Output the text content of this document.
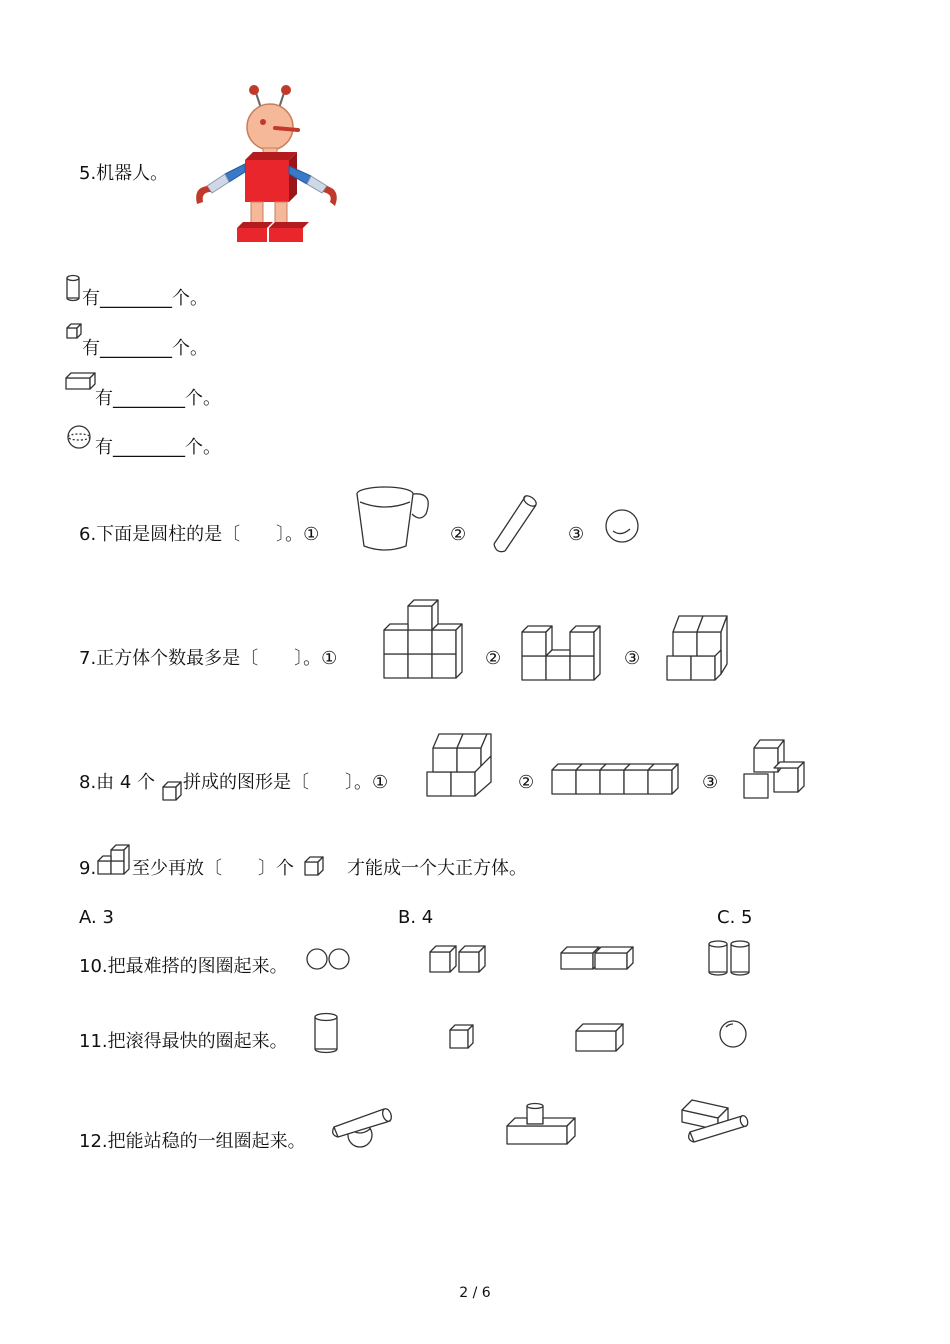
5.机器人。
有________个。
有________个。
有________个。
有________个。
6.下面是圆柱的是〔　　〕。①	②	③
7.正方体个数最多是〔　　〕。①	②	③
8.由 4 个 拼成的图形是〔　　〕。①	②	③
9. 至少再放〔　　〕个	才能成一个大正方体。
A. 3	B. 4	C. 5
10.把最难搭的图圈起来。
11.把滚得最快的圈起来。
12.把能站稳的一组圈起来。
2 / 6
